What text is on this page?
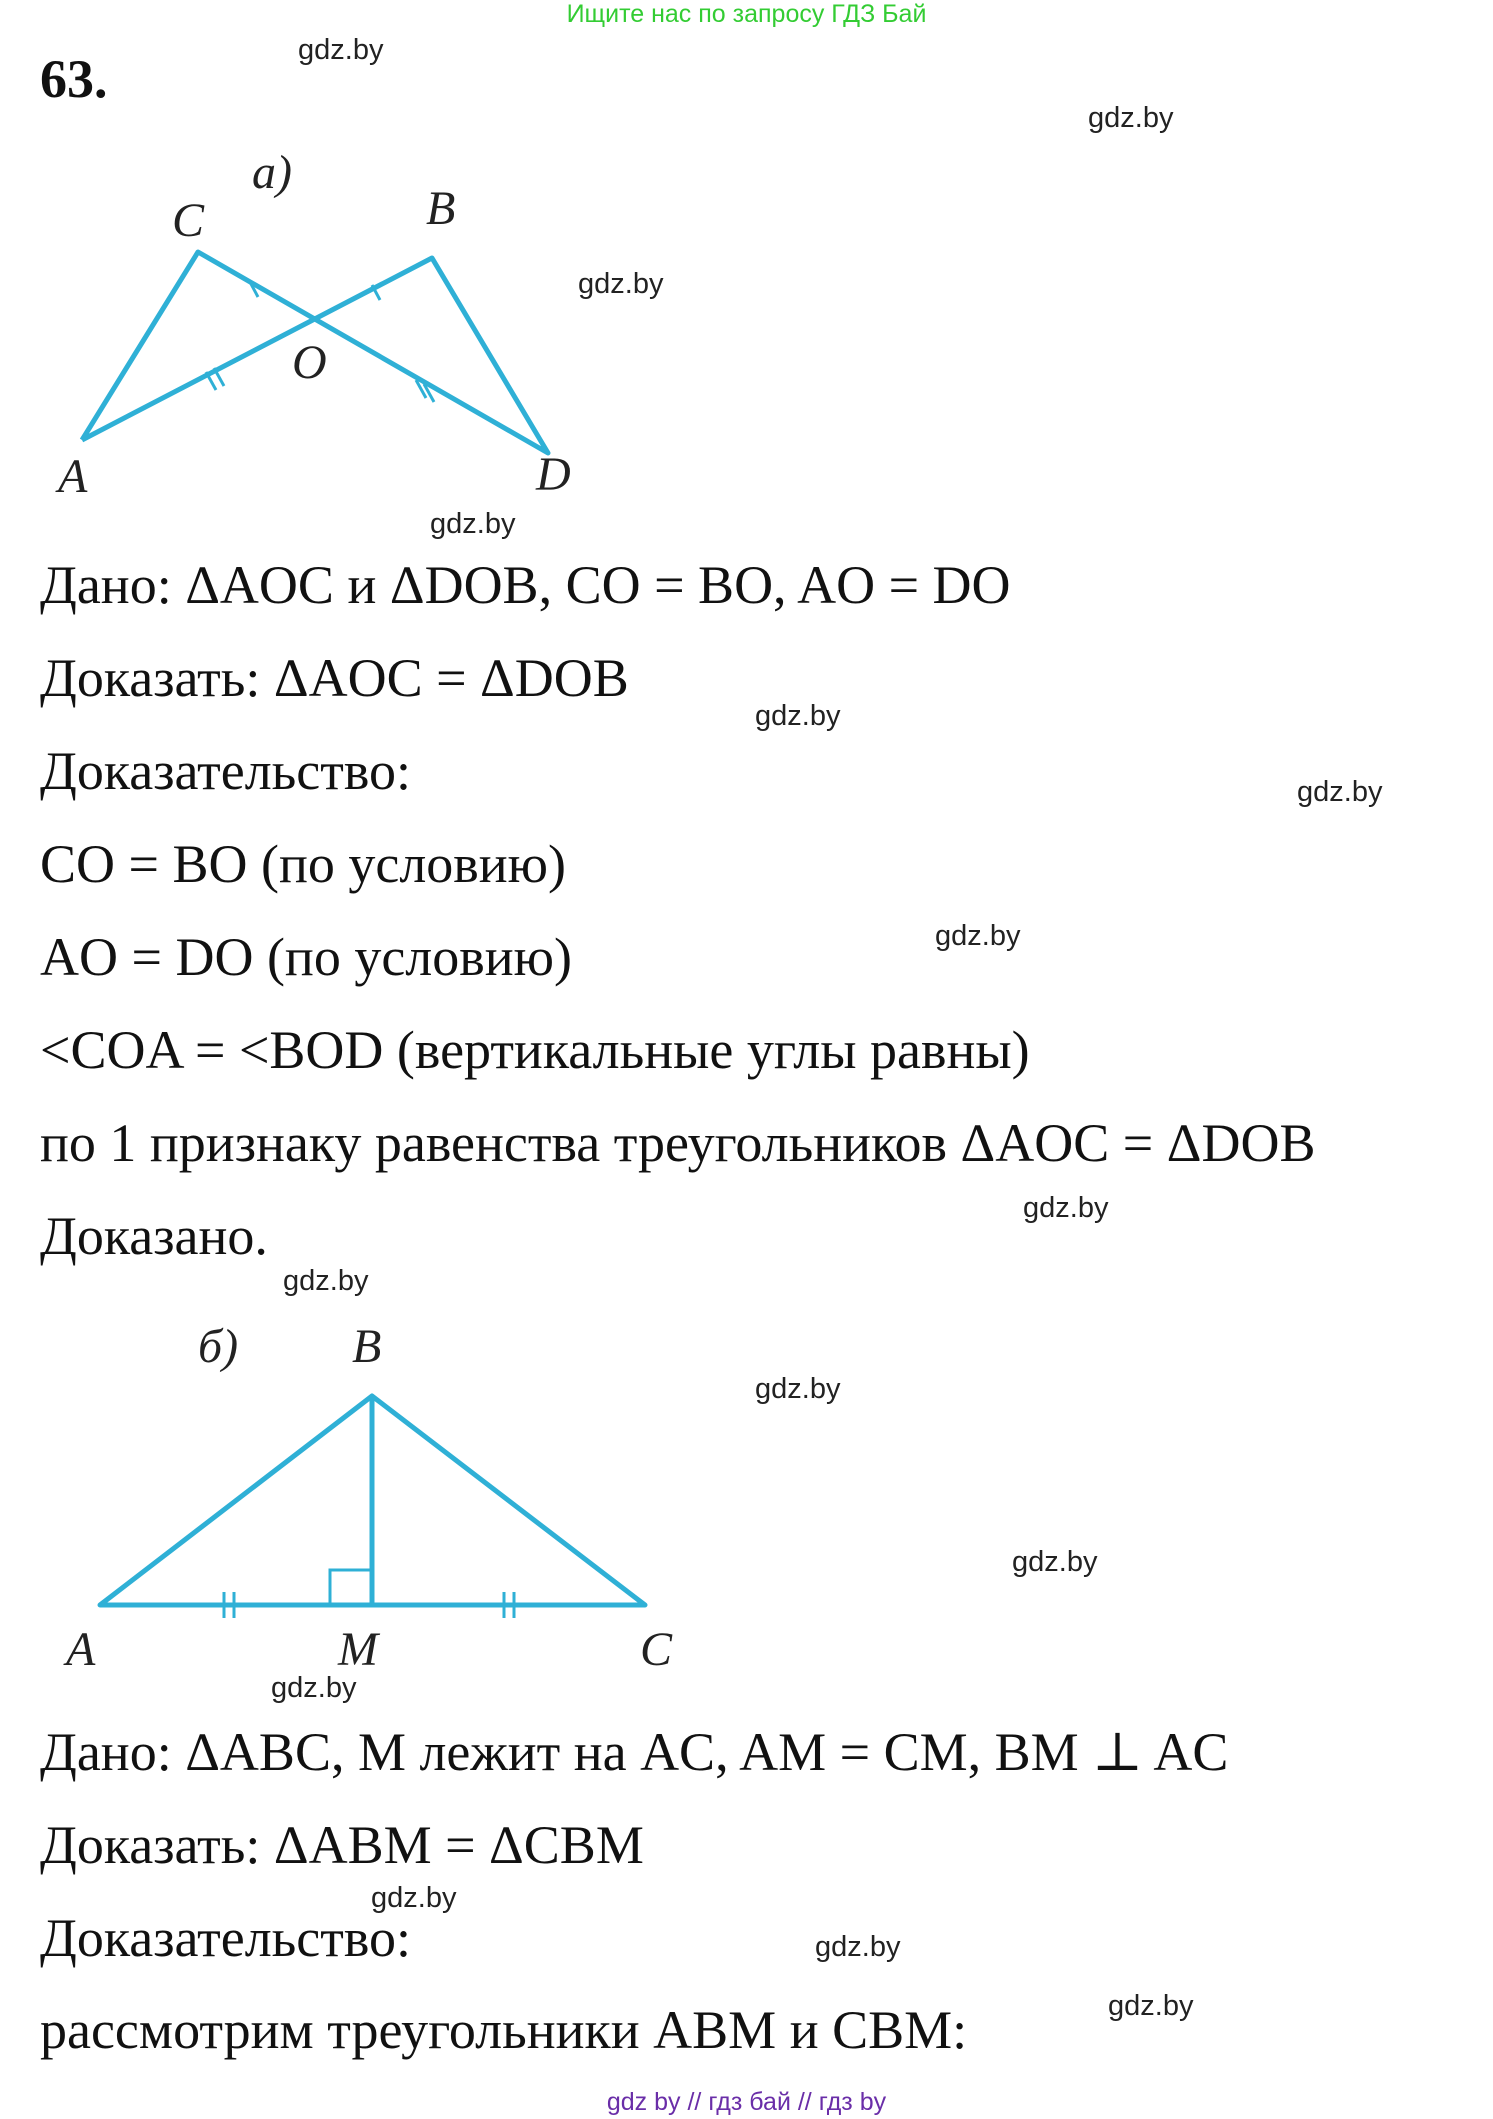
Ищите нас по запросу ГДЗ Бай
63.	gdz.by
gdz.by
gdz.by
gdz.by
gdz.by
gdz.by
gdz.by
gdz.by
gdz.by
gdz.by
gdz.by
gdz.by
gdz.by
gdz.by
gdz.by
а)
C	B
O
A	D
Дано: ΔAOC и ΔDOB, CO = BO, AO = DO
Доказать: ΔAOC = ΔDOB
Доказательство:
CO = BO (по условию)
AO = DO (по условию)
<COA = <BOD (вертикальные углы равны)
по 1 признаку равенства треугольников ΔAOC = ΔDOB
Доказано.
б) B
A	M	C
Дано: ΔABC, M лежит на AC, AM = CM, BM ⊥ AC
Доказать: ΔABM = ΔCBM
Доказательство:
рассмотрим треугольники ABM и CBM:
gdz by // гдз бай // гдз by
